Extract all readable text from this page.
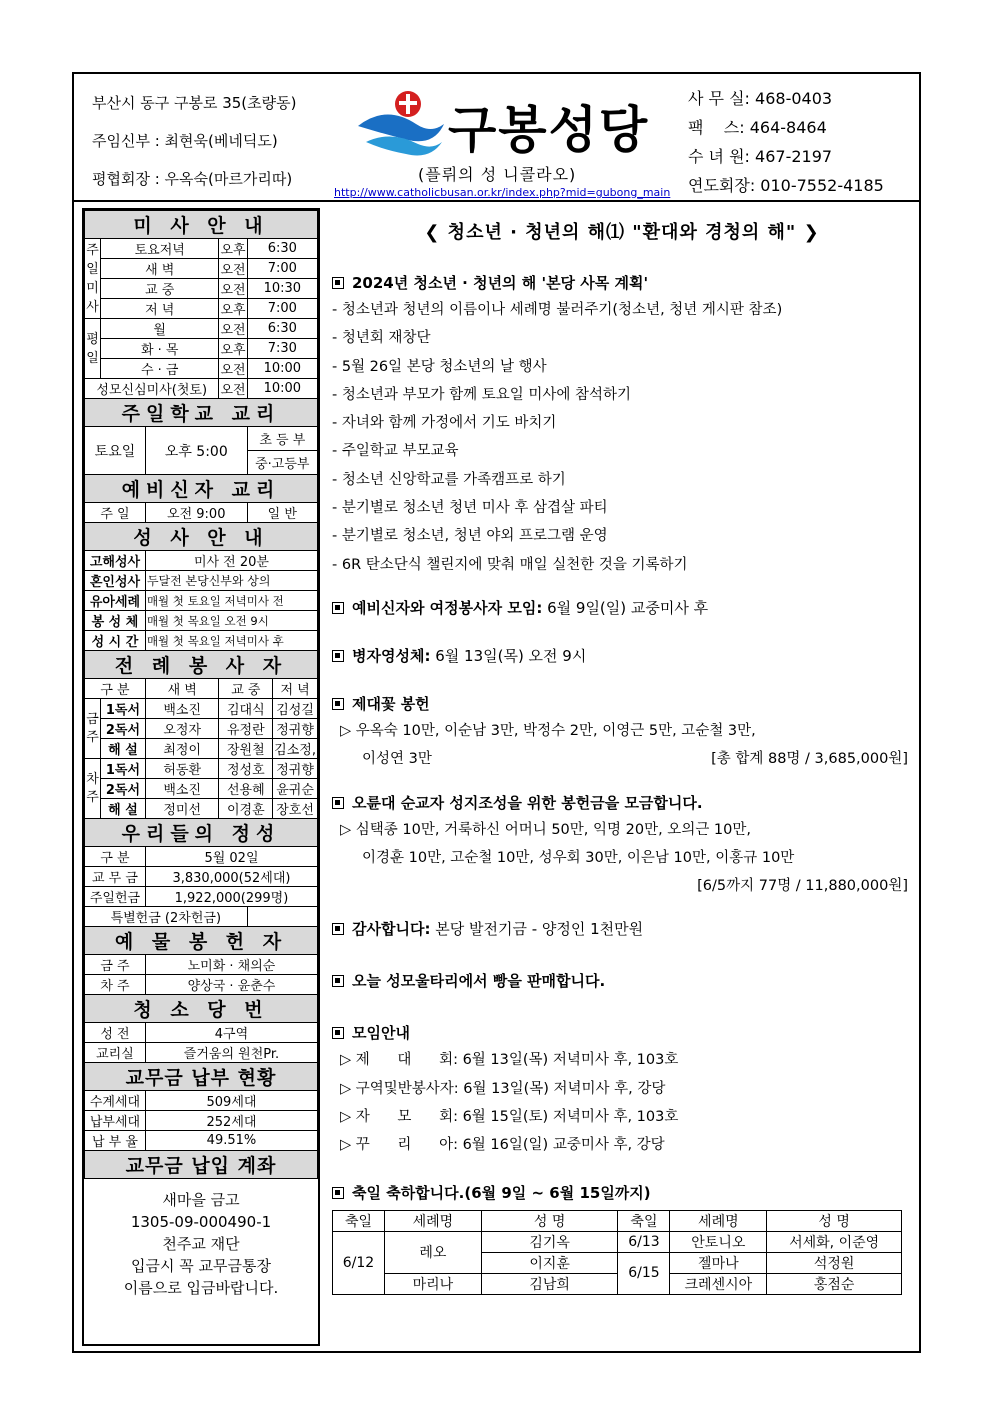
부산시 동구 구봉로 35(초량동)
주임신부 : 최현욱(베네딕도)
평협회장 : 우옥숙(마르가리따)
구봉성당
(플뤼의 성 니콜라오)
http://www.catholicbusan.or.kr/index.php?mid=gubong_main
사 무 실: 468-0403
팩    스: 464-8464
수 녀 원: 467-2197
연도회장: 010-7552-4185
미 사 안 내					
주일미사	토요저녁		오후	6:30	
	새 벽		오전	7:00	
	교 중		오전	10:30	
	저 녁		오후	7:00	
평일	월		오전	6:30	
	화 · 목		오후	7:30	
	수 · 금		오전	10:00	
성모신심미사(첫토)			오전	10:00	
주일학교 교리					
토요일		오후 5:00		초 등 부	
				중·고등부	
예비신자 교리					
주 일		오전 9:00		일 반	
성 사 안 내					
고해성사		미사 전 20분			
혼인성사		두달전 본당신부와 상의			
유아세례		매월 첫 토요일 저녁미사 전			
봉 성 체		매월 첫 목요일 오전 9시			
성 시 간		매월 첫 목요일 저녁미사 후			
전 례 봉 사 자					
구 분		새 벽	교 중		저 녁
금주	1독서	백소진	김대식		김성길
	2독서	오정자	유정란		정귀향
	해 설	최정이	장원철		김소정,
차주	1독서	허동환	정성호		정귀향
	2독서	백소진	선용혜		윤귀순
	해 설	정미선	이경훈		장호선
우리들의 정성					
구 분		5월 02일			
교 무 금		3,830,000(52세대)			
주일헌금		1,922,000(299명)			
특별헌금 (2차헌금)					
예 물 봉 헌 자					
금 주		노미화 · 채의순			
차 주		양상국 · 윤춘수			
청 소 당 번					
성 전		4구역			
교리실		즐거움의 원천Pr.			
교무금 납부 현황					
수계세대		509세대			
납부세대		252세대			
납 부 율		49.51%			
교무금 납입 계좌					
새마을 금고
1305-09-000490-1
천주교 재단
입금시 꼭 교무금통장
이름으로 입금바랍니다.
❮ 청소년 · 청년의 해⑴ "환대와 경청의 해" ❯
2024년 청소년 · 청년의 해 '본당 사목 계획'
- 청소년과 청년의 이름이나 세례명 불러주기(청소년, 청년 게시판 참조)
- 청년회 재창단
- 5월 26일 본당 청소년의 날 행사
- 청소년과 부모가 함께 토요일 미사에 참석하기
- 자녀와 함께 가정에서 기도 바치기
- 주일학교 부모교육
- 청소년 신앙학교를 가족캠프로 하기
- 분기별로 청소년 청년 미사 후 삼겹살 파티
- 분기별로 청소년, 청년 야외 프로그램 운영
- 6R 탄소단식 챌린지에 맞춰 매일 실천한 것을 기록하기
예비신자와 여정봉사자 모임: 6월 9일(일) 교중미사 후
병자영성체: 6월 13일(목) 오전 9시
제대꽃 봉헌
▷ 우옥숙 10만, 이순남 3만, 박정수 2만, 이영근 5만, 고순철 3만,
이성연 3만	[총 합계 88명 / 3,685,000원]
오륜대 순교자 성지조성을 위한 봉헌금을 모금합니다.
▷ 심택종 10만, 거룩하신 어머니 50만, 익명 20만, 오의근 10만,
이경훈 10만, 고순철 10만, 성우회 30만, 이은남 10만, 이홍규 10만
[6/5까지 77명 / 11,880,000원]
감사합니다: 본당 발전기금 - 양정인 1천만원
오늘 성모울타리에서 빵을 판매합니다.
모임안내
▷ 제      대      회: 6월 13일(목) 저녁미사 후, 103호
▷ 구역및반봉사자: 6월 13일(목) 저녁미사 후, 강당
▷ 자      모      회: 6월 15일(토) 저녁미사 후, 103호
▷ 꾸      리      아: 6월 16일(일) 교중미사 후, 강당
축일 축하합니다.(6월 9일 ~ 6월 15일까지)
축일	세례명	성 명	축일	세례명	성 명
6/12	레오	김기옥	6/13	안토니오	서세화, 이준영
		이지훈	6/15	젤마나	석정원
	마리나	김남희		크레센시아	홍점순
